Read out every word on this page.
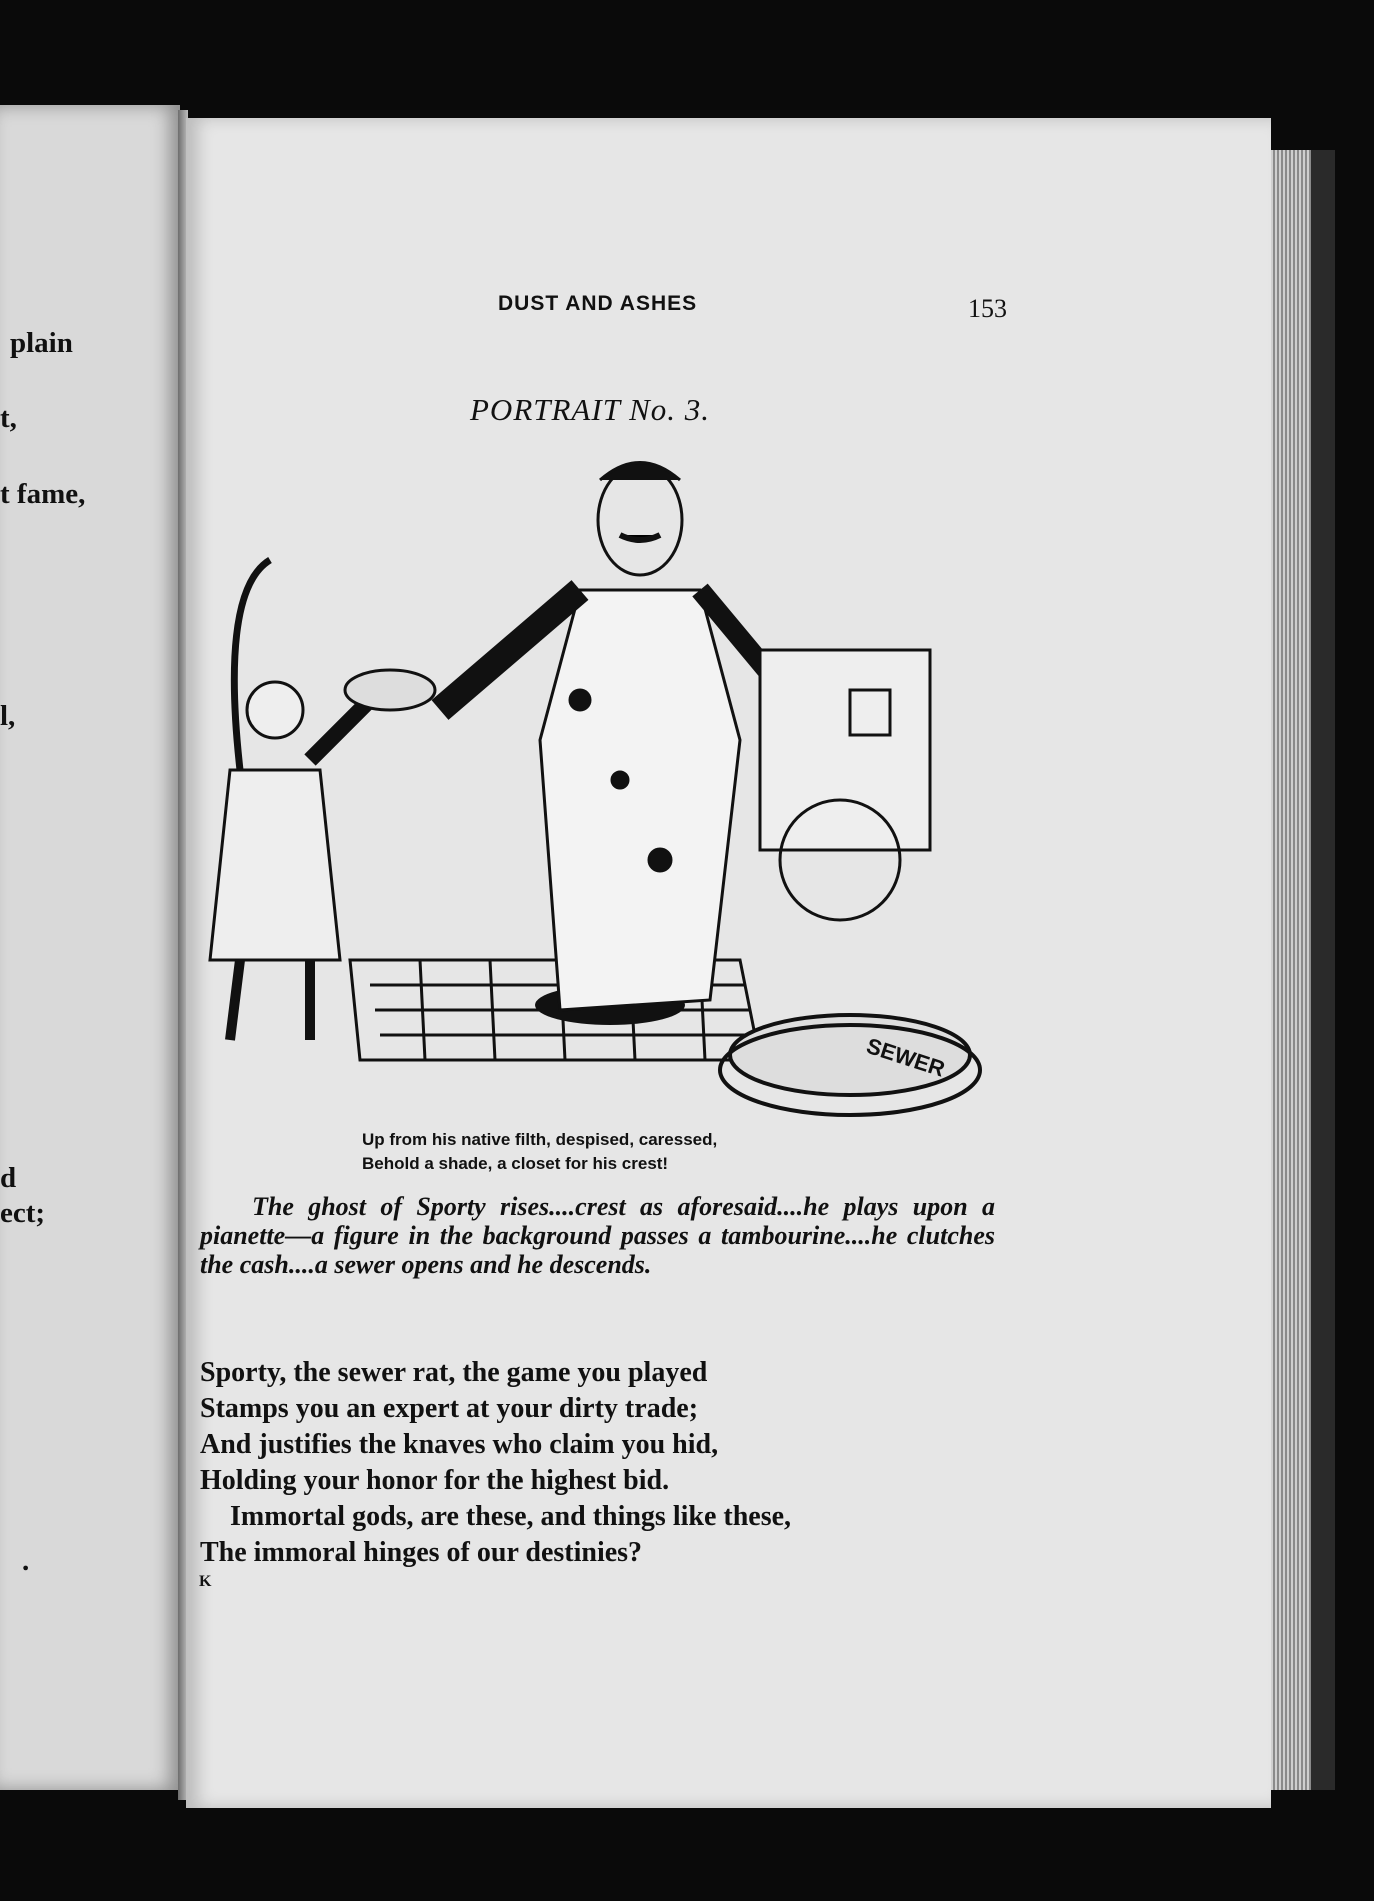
plain
t,
t fame,
l,
d
ect;
.
DUST AND ASHES	153
PORTRAIT No. 3.
SEWER
Up from his native filth, despised, caressed,
Behold a shade, a closet for his crest!
The ghost of Sporty rises....crest as aforesaid....he plays upon a pianette—a figure in the background passes a tambourine....he clutches the cash....a sewer opens and he descends.
Sporty, the sewer rat, the game you played
Stamps you an expert at your dirty trade;
And justifies the knaves who claim you hid,
Holding your honor for the highest bid.
Immortal gods, are these, and things like these,
The immoral hinges of our destinies?
K
